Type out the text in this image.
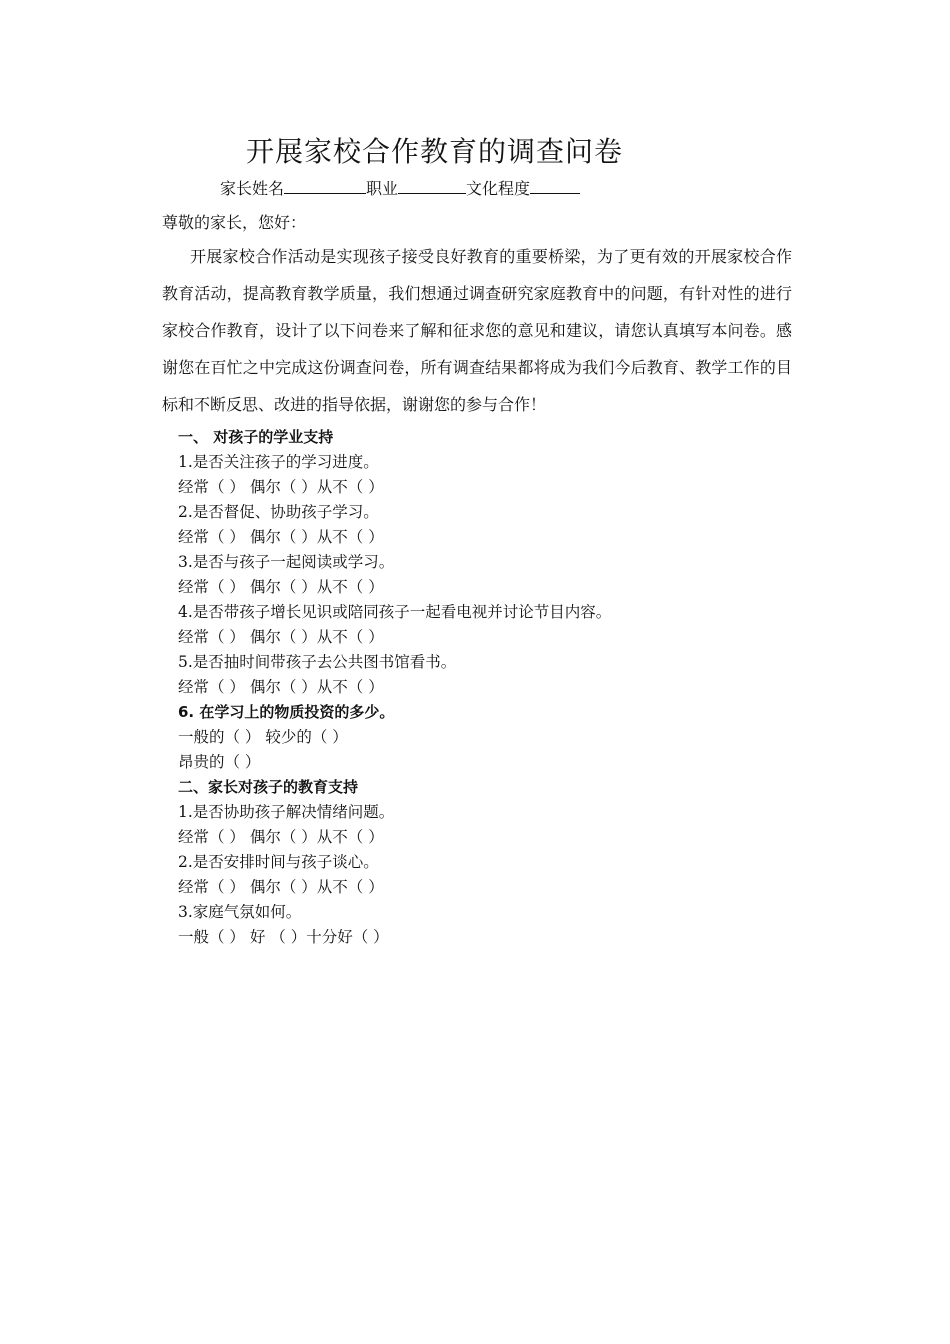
开展家校合作教育的调查问卷
家长姓名	职业	文化程度
尊敬的家长，您好：

开展家校合作活动是实现孩子接受良好教育的重要桥梁，为了更有效的开展家校合作教育活动，提高教育教学质量，我们想通过调查研究家庭教育中的问题，有针对性的进行家校合作教育，设计了以下问卷来了解和征求您的意见和建议，请您认真填写本问卷。感谢您在百忙之中完成这份调查问卷，所有调查结果都将成为我们今后教育、教学工作的目标和不断反思、改进的指导依据，谢谢您的参与合作！

一、 对孩子的学业支持
1.是否关注孩子的学习进度。
经常（ ） 偶尔（ ）从不（ ）
2.是否督促、协助孩子学习。
经常（ ） 偶尔（ ）从不（ ）
3.是否与孩子一起阅读或学习。
经常（ ） 偶尔（ ）从不（ ）
4.是否带孩子增长见识或陪同孩子一起看电视并讨论节目内容。
经常（ ） 偶尔（ ）从不（ ）
5.是否抽时间带孩子去公共图书馆看书。
经常（ ） 偶尔（ ）从不（ ）
6. 在学习上的物质投资的多少。
一般的（ ） 较少的（ ）
昂贵的（ ）
二、家长对孩子的教育支持
1.是否协助孩子解决情绪问题。
经常（ ） 偶尔（ ）从不（ ）
2.是否安排时间与孩子谈心。
经常（ ） 偶尔（ ）从不（ ）
3.家庭气氛如何。
一般（ ） 好 （ ）十分好（ ）
